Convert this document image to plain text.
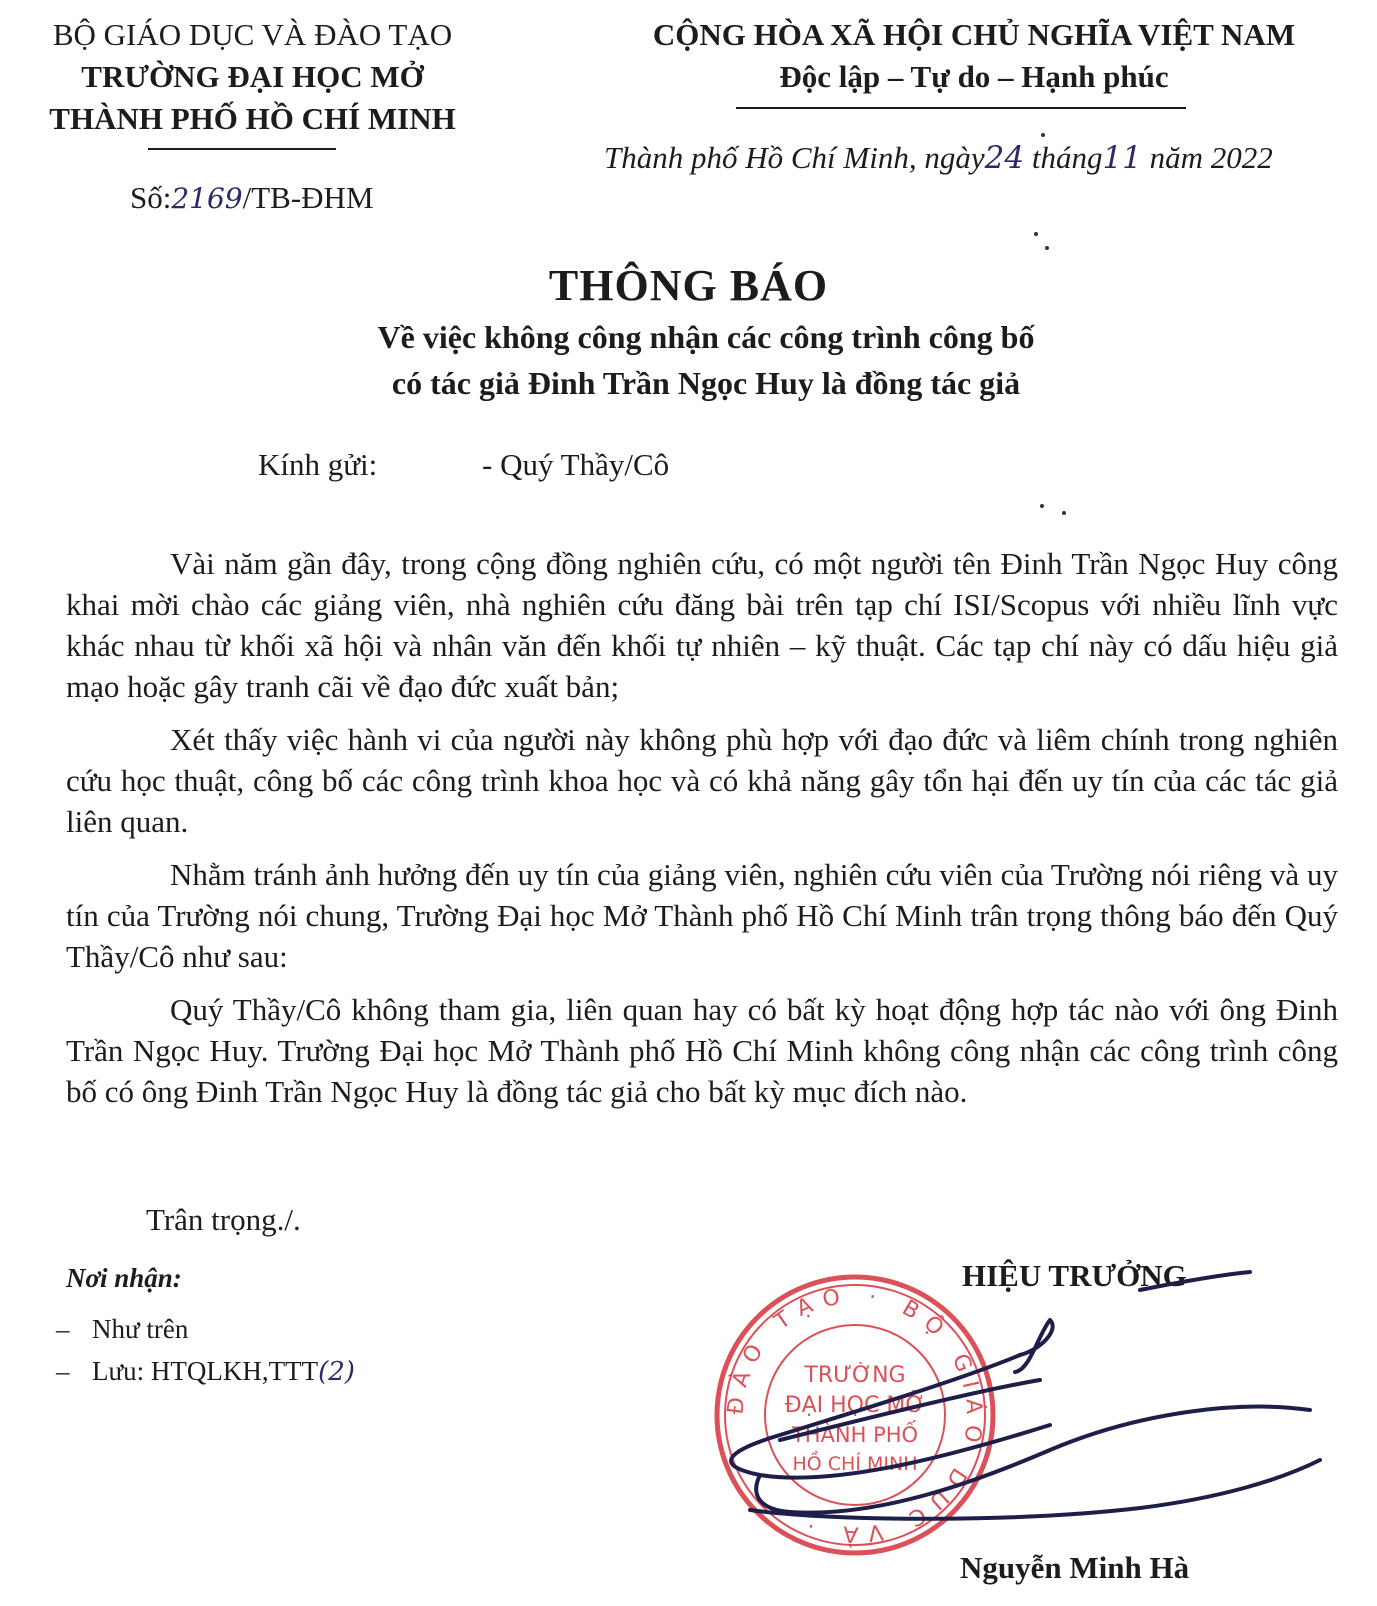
BỘ GIÁO DỤC VÀ ĐÀO TẠO
TRƯỜNG ĐẠI HỌC MỞ
THÀNH PHỐ HỒ CHÍ MINH
Số:2169/TB-ĐHM
CỘNG HÒA XÃ HỘI CHỦ NGHĨA VIỆT NAM
Độc lập – Tự do – Hạnh phúc
Thành phố Hồ Chí Minh, ngày24 tháng11 năm 2022
THÔNG BÁO
Về việc không công nhận các công trình công bố
có tác giả Đinh Trần Ngọc Huy là đồng tác giả
Kính gửi:	- Quý Thầy/Cô

Vài năm gần đây, trong cộng đồng nghiên cứu, có một người tên Đinh Trần Ngọc Huy công khai mời chào các giảng viên, nhà nghiên cứu đăng bài trên tạp chí ISI/Scopus với nhiều lĩnh vực khác nhau từ khối xã hội và nhân văn đến khối tự nhiên – kỹ thuật. Các tạp chí này có dấu hiệu giả mạo hoặc gây tranh cãi về đạo đức xuất bản;

Xét thấy việc hành vi của người này không phù hợp với đạo đức và liêm chính trong nghiên cứu học thuật, công bố các công trình khoa học và có khả năng gây tổn hại đến uy tín của các tác giả liên quan.

Nhằm tránh ảnh hưởng đến uy tín của giảng viên, nghiên cứu viên của Trường nói riêng và uy tín của Trường nói chung, Trường Đại học Mở Thành phố Hồ Chí Minh trân trọng thông báo đến Quý Thầy/Cô như sau:

Quý Thầy/Cô không tham gia, liên quan hay có bất kỳ hoạt động hợp tác nào với ông Đinh Trần Ngọc Huy. Trường Đại học Mở Thành phố Hồ Chí Minh không công nhận các công trình công bố có ông Đinh Trần Ngọc Huy là đồng tác giả cho bất kỳ mục đích nào.

Trân trọng./.
Nơi nhận:
– Như trên
– Lưu: HTQLKH,TTT(2)
HIỆU TRƯỞNG
ĐÀO TẠO · BỘ GIÁO DỤC VÀ ·
TRƯỜNG
ĐẠI HỌC MỞ
THÀNH PHỐ
HỒ CHÍ MINH
Nguyễn Minh Hà
